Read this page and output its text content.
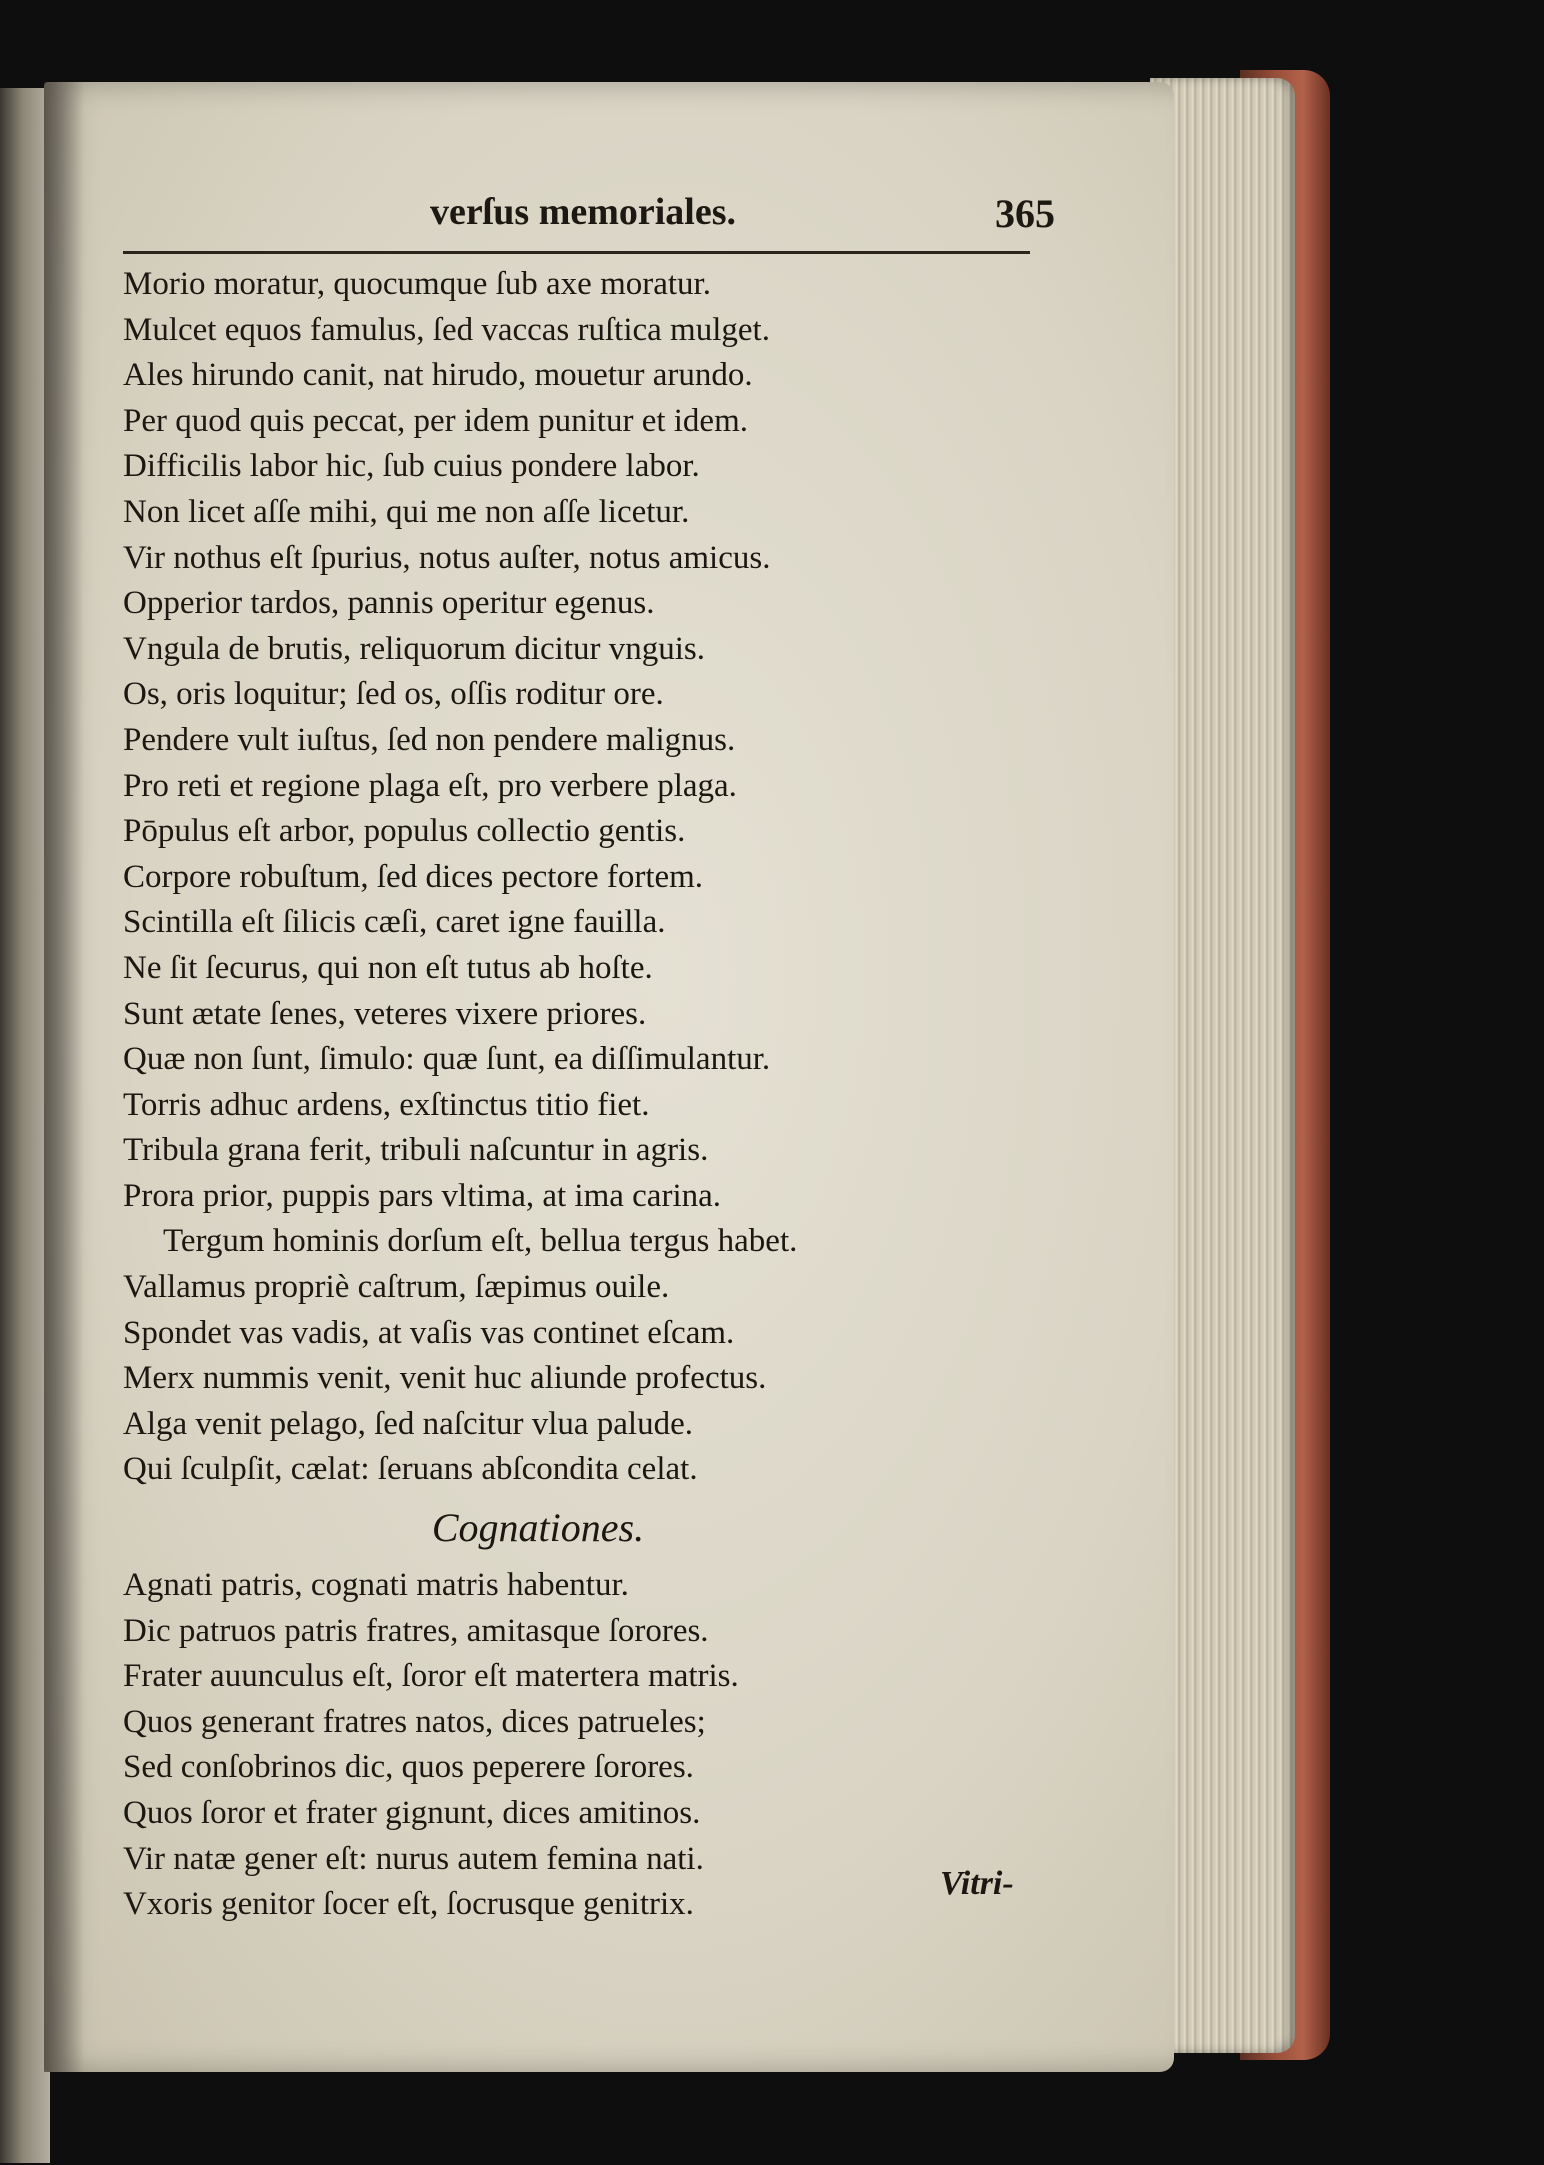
verſus memoriales.	365
Morio moratur, quocumque ſub axe moratur.
Mulcet equos famulus, ſed vaccas ruſtica mulget.
Ales hirundo canit, nat hirudo, mouetur arundo.
Per quod quis peccat, per idem punitur et idem.
Difficilis labor hic, ſub cuius pondere labor.
Non licet aſſe mihi, qui me non aſſe licetur.
Vir nothus eſt ſpurius, notus auſter, notus amicus.
Opperior tardos, pannis operitur egenus.
Vngula de brutis, reliquorum dicitur vnguis.
Os, oris loquitur; ſed os, oſſis roditur ore.
Pendere vult iuſtus, ſed non pendere malignus.
Pro reti et regione plaga eſt, pro verbere plaga.
Pōpulus eſt arbor, populus collectio gentis.
Corpore robuſtum, ſed dices pectore fortem.
Scintilla eſt ſilicis cæſi, caret igne fauilla.
Ne ſit ſecurus, qui non eſt tutus ab hoſte.
Sunt ætate ſenes, veteres vixere priores.
Quæ non ſunt, ſimulo: quæ ſunt, ea diſſimulantur.
Torris adhuc ardens, exſtinctus titio fiet.
Tribula grana ferit, tribuli naſcuntur in agris.
Prora prior, puppis pars vltima, at ima carina.
Tergum hominis dorſum eſt, bellua tergus habet.
Vallamus propriè caſtrum, ſæpimus ouile.
Spondet vas vadis, at vaſis vas continet eſcam.
Merx nummis venit, venit huc aliunde profectus.
Alga venit pelago, ſed naſcitur vlua palude.
Qui ſculpſit, cælat: ſeruans abſcondita celat.
Cognationes.
Agnati patris, cognati matris habentur.
Dic patruos patris fratres, amitasque ſorores.
Frater auunculus eſt, ſoror eſt matertera matris.
Quos generant fratres natos, dices patrueles;
Sed conſobrinos dic, quos peperere ſorores.
Quos ſoror et frater gignunt, dices amitinos.
Vir natæ gener eſt: nurus autem femina nati.
Vxoris genitor ſocer eſt, ſocrusque genitrix.
Vitri-
